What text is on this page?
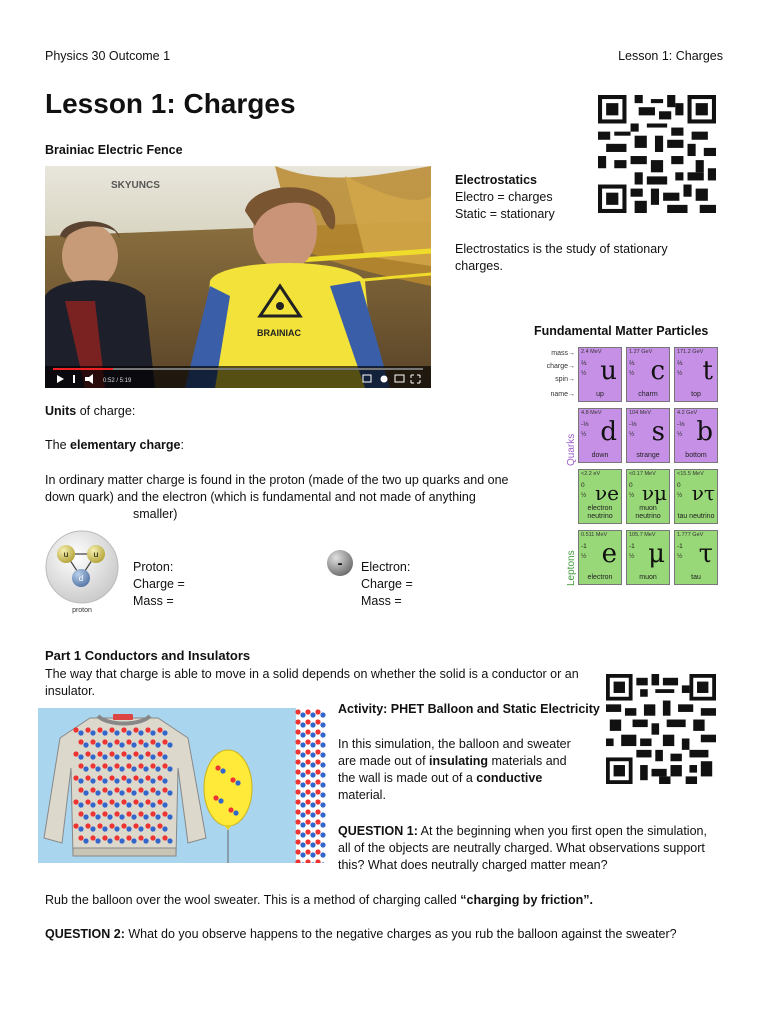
Physics 30 Outcome 1	Lesson 1: Charges
Lesson 1: Charges
Brainiac Electric Fence
SKYUNCS
BRAINIAC
0:52 / 5:19
Electrostatics
Electro = charges
Static = stationary
Electrostatics is the study of stationary
charges.
Fundamental Matter Particles
mass→
charge→
spin→
name→
Quarks
Leptons
2.4 MeV
⅔
½ u
up
1.27 GeV
⅔
½ c
charm
171.2 GeV
⅔
½ t
top
4.8 MeV
-⅓
½ d
down
104 MeV
-⅓
½ s
strange
4.2 GeV
-⅓
½ b
bottom
<2.2 eV
0
½ νe
electron neutrino
<0.17 MeV
0
½ νμ
muon neutrino
<15.5 MeV
0
½ ντ
tau neutrino
0.511 MeV
-1
½ e
electron
105.7 MeV
-1
½ μ
muon
1.777 GeV
-1
½ τ
tau
Units of charge:
The elementary charge:
In ordinary matter charge is found in the proton (made of the two up quarks and one
down quark) and the electron (which is fundamental and not made of anything
smaller)
u	u
d
proton
Proton:
Charge =
Mass =
- Electron:
Charge =
Mass =
Part 1 Conductors and Insulators
The way that charge is able to move in a solid depends on whether the solid is a conductor or an
insulator.
Activity: PHET Balloon and Static Electricity
In this simulation, the balloon and sweater
are made out of insulating materials and
the wall is made out of a conductive
material.
QUESTION 1: At the beginning when you first open the simulation,
all of the objects are neutrally charged. What observations support
this? What does neutrally charged matter mean?
Rub the balloon over the wool sweater. This is a method of charging called “charging by friction”.
QUESTION 2: What do you observe happens to the negative charges as you rub the balloon against the sweater?
